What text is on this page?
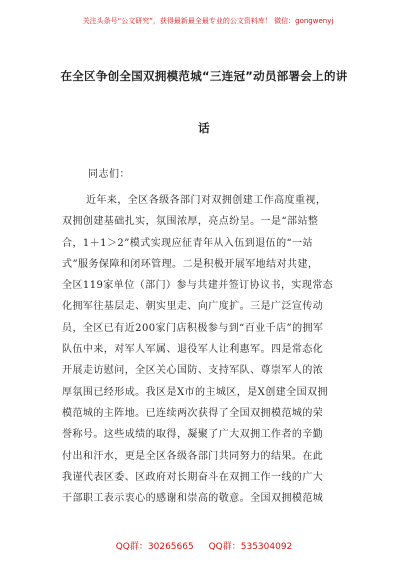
关注头条号“公文研究”，获得最新最全最专业的公文资料库！ 微信：gongwenyj
在全区争创全国双拥模范城“三连冠”动员部署会上的讲
话
同志们：
近年来，全区各级各部门对双拥创建工作高度重视，
双拥创建基础扎实，氛围浓厚，亮点纷呈。一是“部站整
合，1＋1＞2”模式实现应征青年从入伍到退伍的“一站
式”服务保障和闭环管理。二是积极开展军地结对共建，
全区119家单位（部门）参与共建并签订协议书，实现常态
化拥军往基层走、朝实里走、向广度扩。三是广泛宣传动
员，全区已有近200家门店积极参与到“百业千店”的拥军
队伍中来，对军人军属、退役军人让利惠军。四是常态化
开展走访慰问，全区关心国防、支持军队、尊崇军人的浓
厚氛围已经形成。我区是X市的主城区，是X创建全国双拥
模范城的主阵地。已连续两次获得了全国双拥模范城的荣
誉称号。这些成绩的取得，凝聚了广大双拥工作者的辛勤
付出和汗水，更是全区各级各部门共同努力的结果。在此
我谨代表区委、区政府对长期奋斗在双拥工作一线的广大
干部职工表示衷心的感谢和崇高的敬意。全国双拥模范城
QQ群：30265665 QQ群：535304092
